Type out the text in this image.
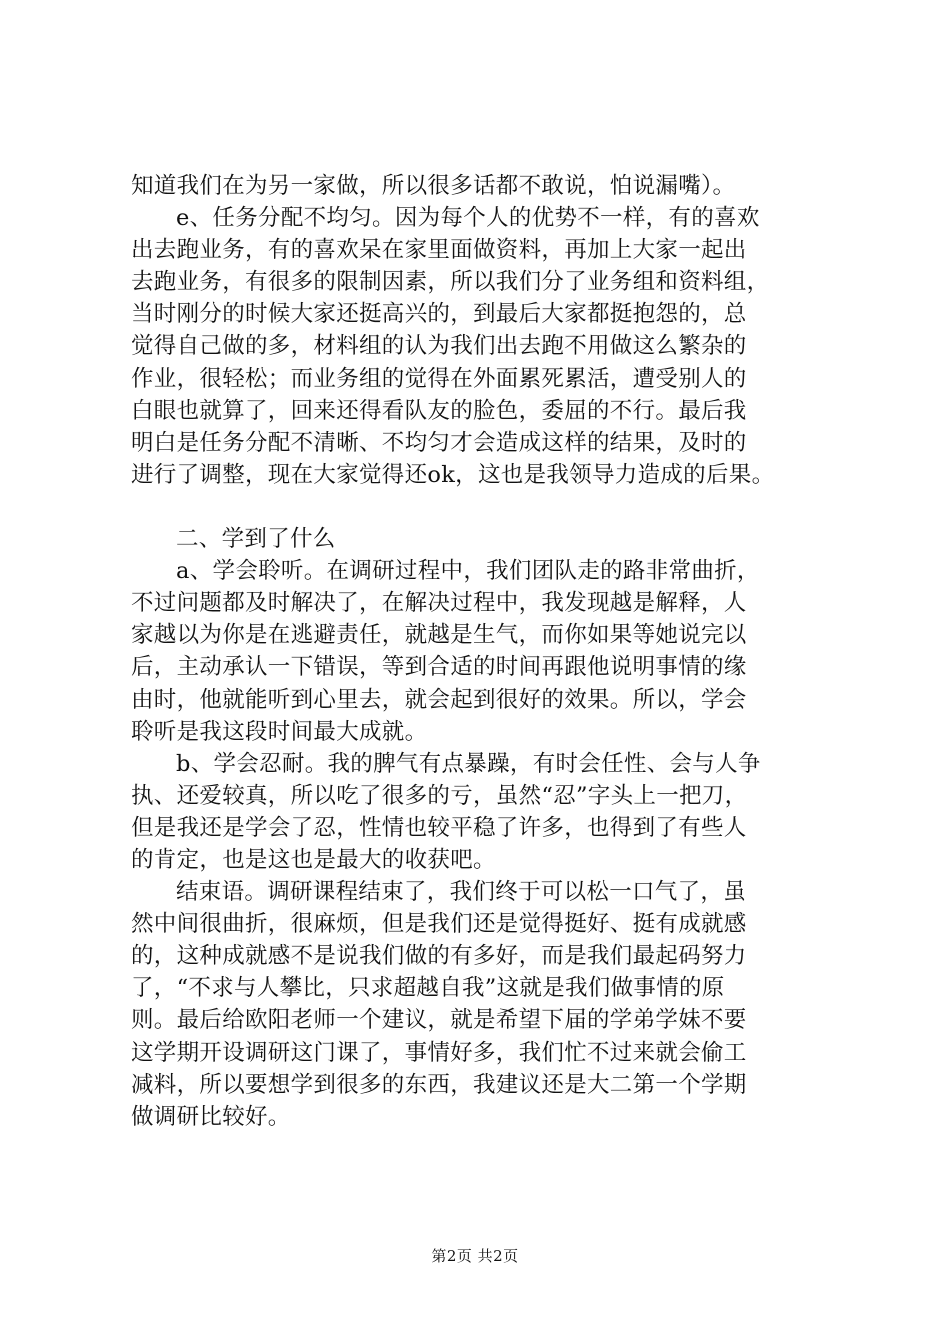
知道我们在为另一家做，所以很多话都不敢说，怕说漏嘴）。
e、任务分配不均匀。因为每个人的优势不一样，有的喜欢
出去跑业务，有的喜欢呆在家里面做资料，再加上大家一起出
去跑业务，有很多的限制因素，所以我们分了业务组和资料组，
当时刚分的时候大家还挺高兴的，到最后大家都挺抱怨的，总
觉得自己做的多，材料组的认为我们出去跑不用做这么繁杂的
作业，很轻松；而业务组的觉得在外面累死累活，遭受别人的
白眼也就算了，回来还得看队友的脸色，委屈的不行。最后我
明白是任务分配不清晰、不均匀才会造成这样的结果，及时的
进行了调整，现在大家觉得还ok，这也是我领导力造成的后果。
二、学到了什么
a、学会聆听。在调研过程中，我们团队走的路非常曲折，
不过问题都及时解决了，在解决过程中，我发现越是解释，人
家越以为你是在逃避责任，就越是生气，而你如果等她说完以
后，主动承认一下错误，等到合适的时间再跟他说明事情的缘
由时，他就能听到心里去，就会起到很好的效果。所以，学会
聆听是我这段时间最大成就。
b、学会忍耐。我的脾气有点暴躁，有时会任性、会与人争
执、还爱较真，所以吃了很多的亏，虽然“忍”字头上一把刀，
但是我还是学会了忍，性情也较平稳了许多，也得到了有些人
的肯定，也是这也是最大的收获吧。
结束语。调研课程结束了，我们终于可以松一口气了，虽
然中间很曲折，很麻烦，但是我们还是觉得挺好、挺有成就感
的，这种成就感不是说我们做的有多好，而是我们最起码努力
了，“不求与人攀比，只求超越自我”这就是我们做事情的原
则。最后给欧阳老师一个建议，就是希望下届的学弟学妹不要
这学期开设调研这门课了，事情好多，我们忙不过来就会偷工
减料，所以要想学到很多的东西，我建议还是大二第一个学期
做调研比较好。
第2页 共2页
